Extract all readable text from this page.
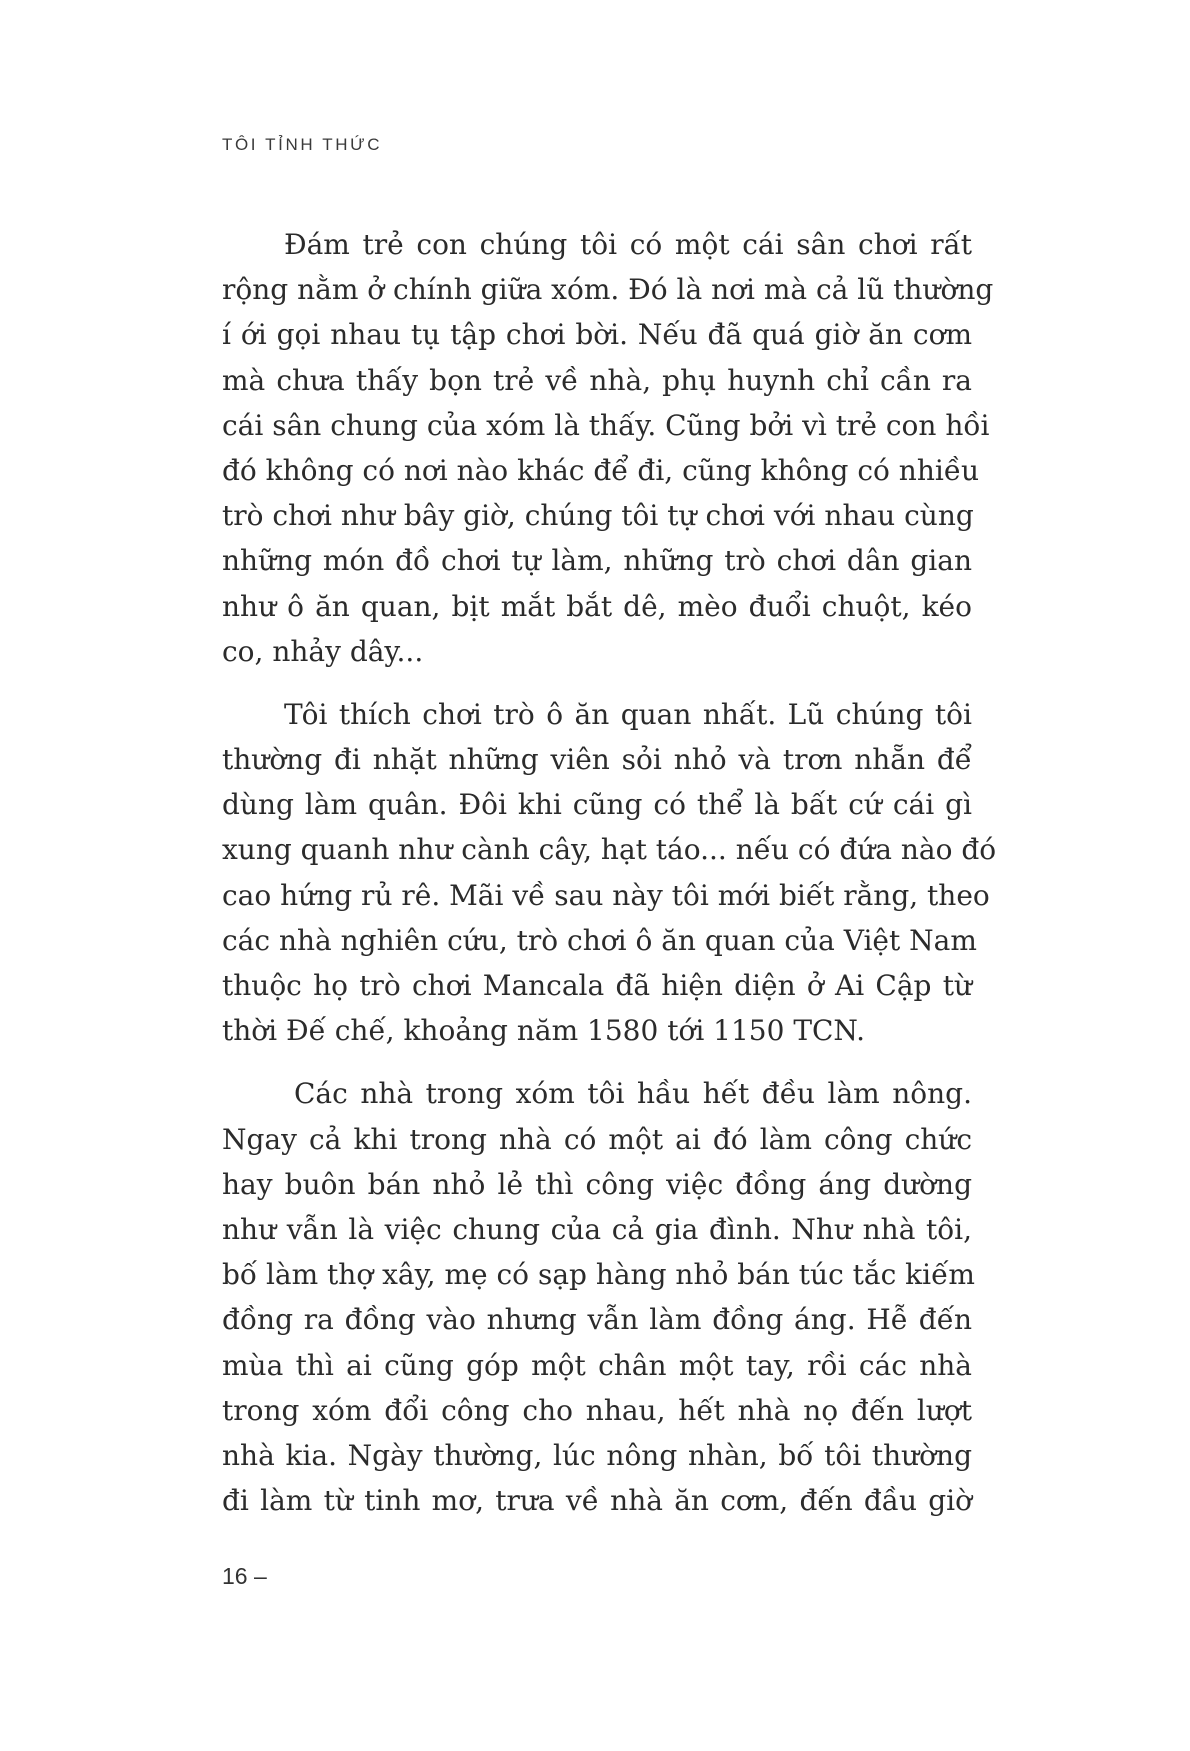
TÔI TỈNH THỨC

Đám trẻ con chúng tôi có một cái sân chơi rất
rộng nằm ở chính giữa xóm. Đó là nơi mà cả lũ thường
í ới gọi nhau tụ tập chơi bời. Nếu đã quá giờ ăn cơm
mà chưa thấy bọn trẻ về nhà, phụ huynh chỉ cần ra
cái sân chung của xóm là thấy. Cũng bởi vì trẻ con hồi
đó không có nơi nào khác để đi, cũng không có nhiều
trò chơi như bây giờ, chúng tôi tự chơi với nhau cùng
những món đồ chơi tự làm, những trò chơi dân gian
như ô ăn quan, bịt mắt bắt dê, mèo đuổi chuột, kéo
co, nhảy dây...

Tôi thích chơi trò ô ăn quan nhất. Lũ chúng tôi
thường đi nhặt những viên sỏi nhỏ và trơn nhẵn để
dùng làm quân. Đôi khi cũng có thể là bất cứ cái gì
xung quanh như cành cây, hạt táo... nếu có đứa nào đó
cao hứng rủ rê. Mãi về sau này tôi mới biết rằng, theo
các nhà nghiên cứu, trò chơi ô ăn quan của Việt Nam
thuộc họ trò chơi Mancala đã hiện diện ở Ai Cập từ
thời Đế chế, khoảng năm 1580 tới 1150 TCN.

Các nhà trong xóm tôi hầu hết đều làm nông.
Ngay cả khi trong nhà có một ai đó làm công chức
hay buôn bán nhỏ lẻ thì công việc đồng áng dường
như vẫn là việc chung của cả gia đình. Như nhà tôi,
bố làm thợ xây, mẹ có sạp hàng nhỏ bán túc tắc kiếm
đồng ra đồng vào nhưng vẫn làm đồng áng. Hễ đến
mùa thì ai cũng góp một chân một tay, rồi các nhà
trong xóm đổi công cho nhau, hết nhà nọ đến lượt
nhà kia. Ngày thường, lúc nông nhàn, bố tôi thường
đi làm từ tinh mơ, trưa về nhà ăn cơm, đến đầu giờ

16 –
